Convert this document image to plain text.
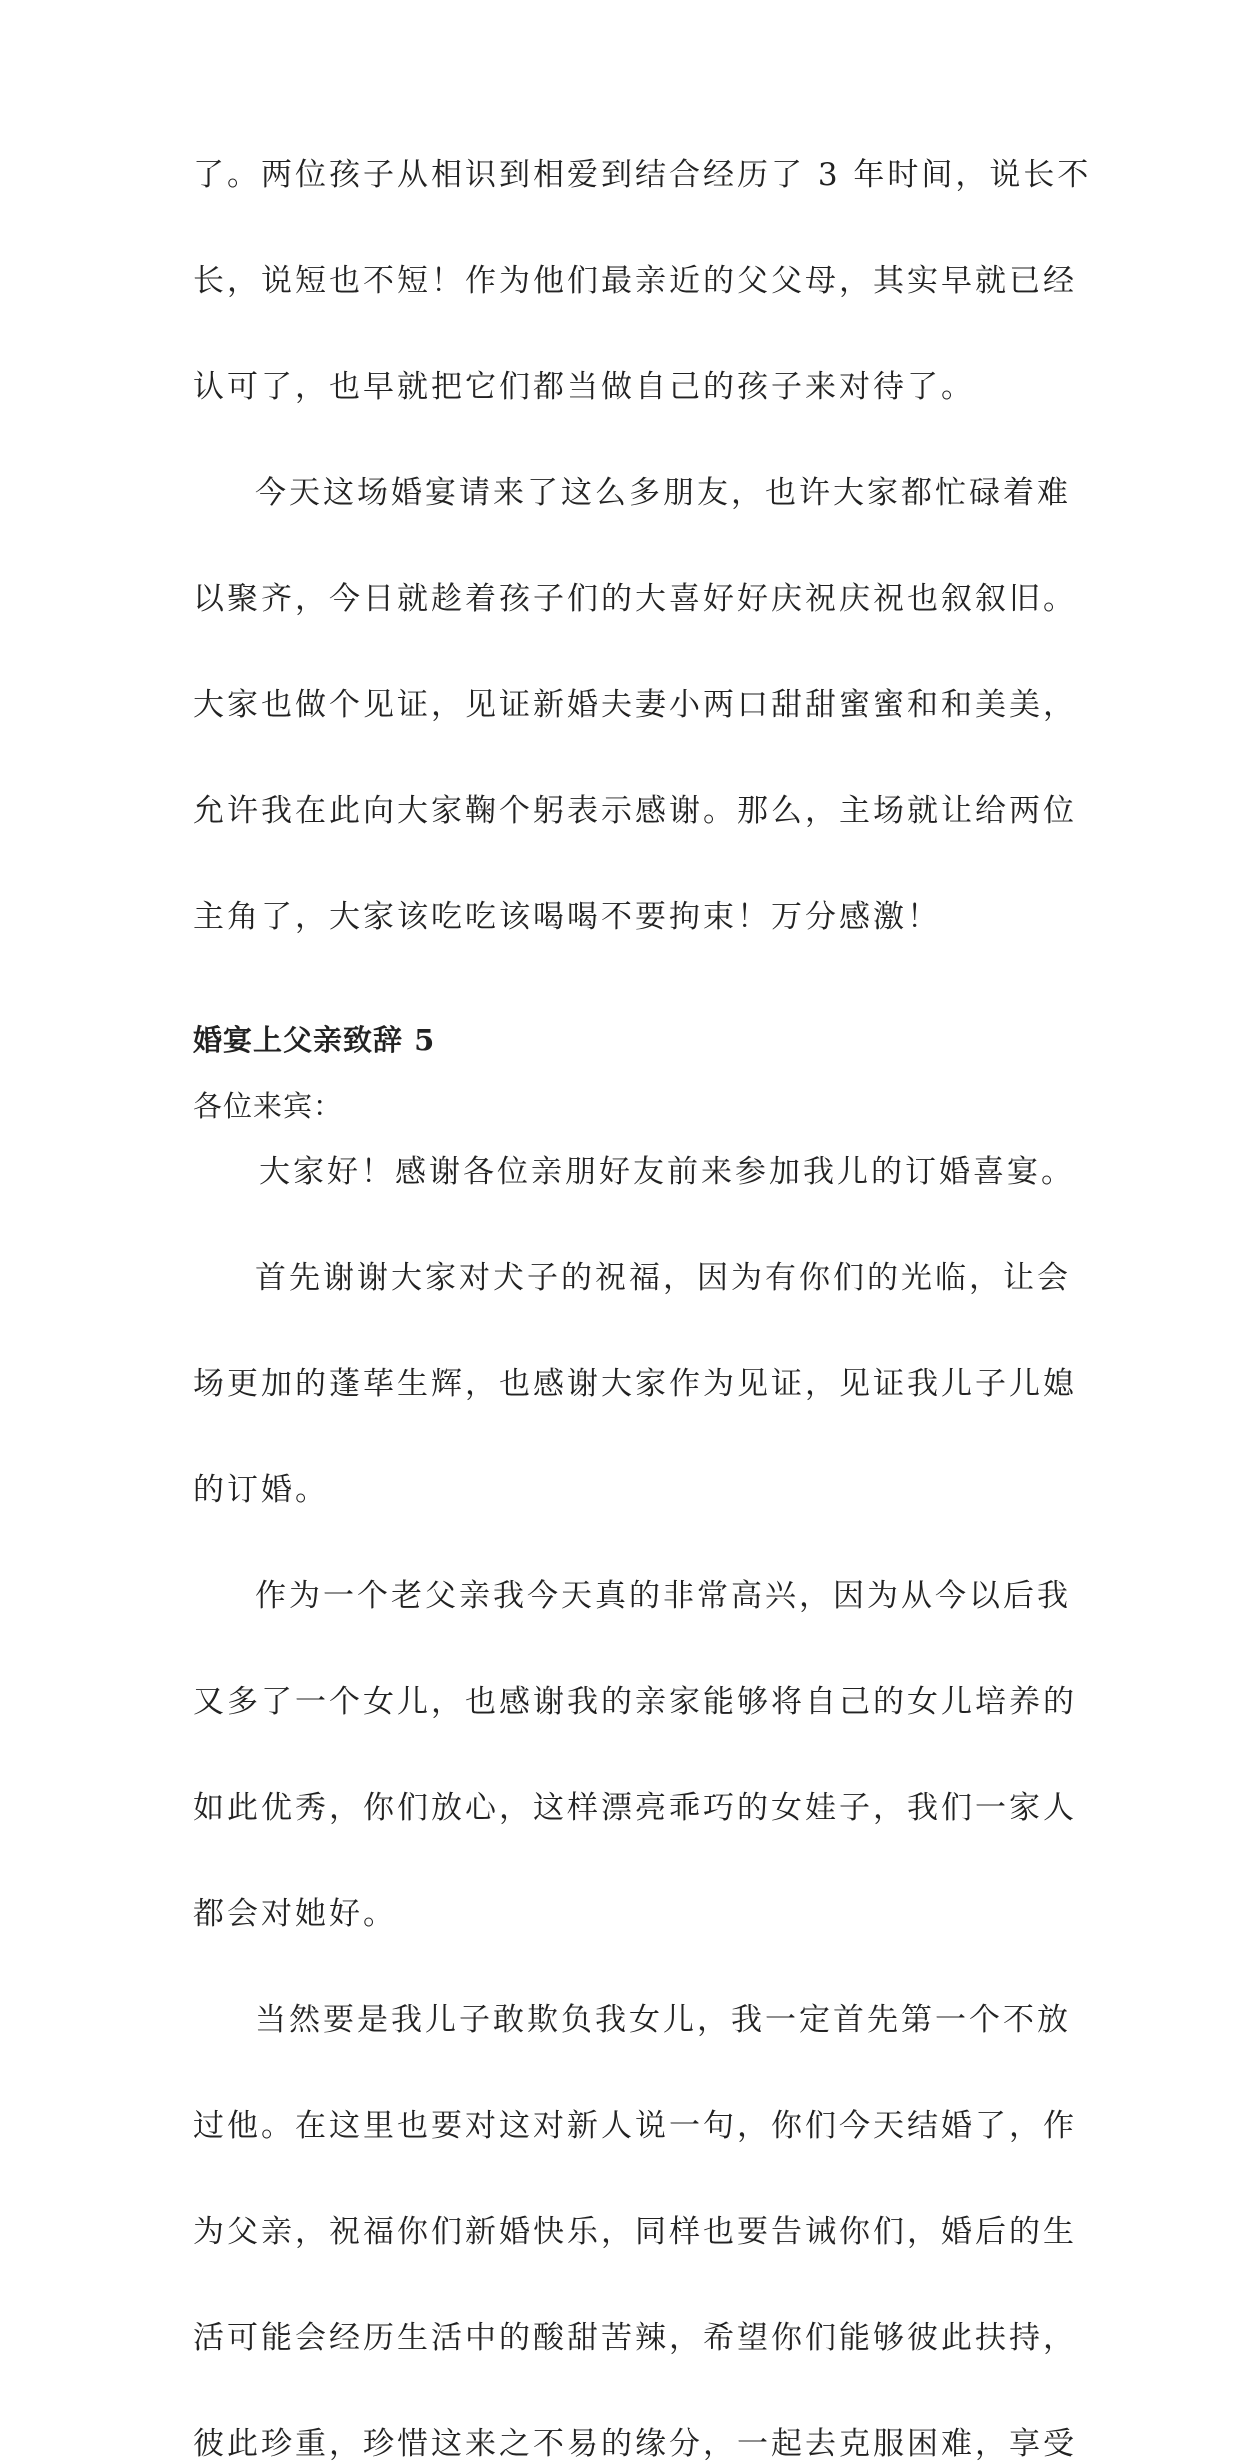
了。两位孩子从相识到相爱到结合经历了 3 年时间，说长不

长，说短也不短！作为他们最亲近的父父母，其实早就已经

认可了，也早就把它们都当做自己的孩子来对待了。

今天这场婚宴请来了这么多朋友，也许大家都忙碌着难

以聚齐，今日就趁着孩子们的大喜好好庆祝庆祝也叙叙旧。

大家也做个见证，见证新婚夫妻小两口甜甜蜜蜜和和美美，

允许我在此向大家鞠个躬表示感谢。那么，主场就让给两位

主角了，大家该吃吃该喝喝不要拘束！万分感激！

婚宴上父亲致辞 5

各位来宾：

大家好！感谢各位亲朋好友前来参加我儿的订婚喜宴。

首先谢谢大家对犬子的祝福，因为有你们的光临，让会

场更加的蓬荜生辉，也感谢大家作为见证，见证我儿子儿媳

的订婚。

作为一个老父亲我今天真的非常高兴，因为从今以后我

又多了一个女儿，也感谢我的亲家能够将自己的女儿培养的

如此优秀，你们放心，这样漂亮乖巧的女娃子，我们一家人

都会对她好。

当然要是我儿子敢欺负我女儿，我一定首先第一个不放

过他。在这里也要对这对新人说一句，你们今天结婚了，作

为父亲，祝福你们新婚快乐，同样也要告诫你们，婚后的生

活可能会经历生活中的酸甜苦辣，希望你们能够彼此扶持，

彼此珍重，珍惜这来之不易的缘分，一起去克服困难，享受
